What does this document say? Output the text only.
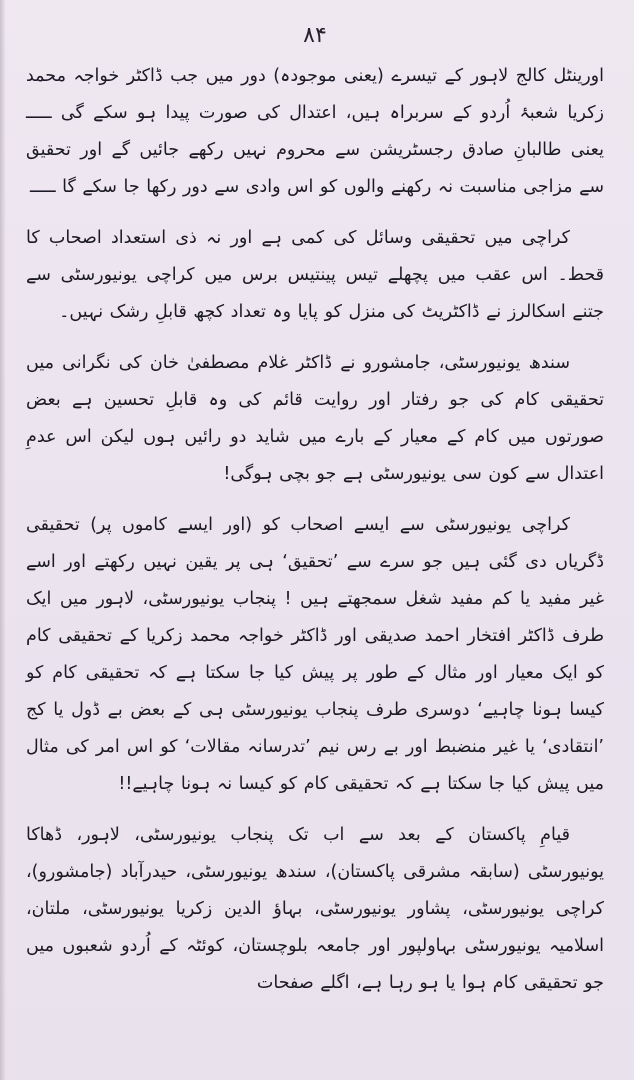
۸۴

اورینٹل کالج لاہور کے تیسرے (یعنی موجودہ) دور میں جب ڈاکٹر خواجہ محمد زکریا شعبۂ اُردو کے سربراہ ہیں، اعتدال کی صورت پیدا ہو سکے گی ـــــ یعنی طالبانِ صادق رجسٹریشن سے محروم نہیں رکھے جائیں گے اور تحقیق سے مزاجی مناسبت نہ رکھنے والوں کو اس وادی سے دور رکھا جا سکے گا ـــــ

کراچی میں تحقیقی وسائل کی کمی ہے اور نہ ذی استعداد اصحاب کا قحط۔ اس عقب میں پچھلے تیس پینتیس برس میں کراچی یونیورسٹی سے جتنے اسکالرز نے ڈاکٹریٹ کی منزل کو پایا وہ تعداد کچھ قابلِ رشک نہیں۔

سندھ یونیورسٹی، جامشورو نے ڈاکٹر غلام مصطفیٰ خان کی نگرانی میں تحقیقی کام کی جو رفتار اور روایت قائم کی وہ قابلِ تحسین ہے بعض صورتوں میں کام کے معیار کے بارے میں شاید دو رائیں ہوں لیکن اس عدمِ اعتدال سے کون سی یونیورسٹی ہے جو بچی ہوگی!

کراچی یونیورسٹی سے ایسے اصحاب کو (اور ایسے کاموں پر) تحقیقی ڈگریاں دی گئی ہیں جو سرے سے ’تحقیق‘ ہی پر یقین نہیں رکھتے اور اسے غیر مفید یا کم مفید شغل سمجھتے ہیں ! پنجاب یونیورسٹی، لاہور میں ایک طرف ڈاکٹر افتخار احمد صدیقی اور ڈاکٹر خواجہ محمد زکریا کے تحقیقی کام کو ایک معیار اور مثال کے طور پر پیش کیا جا سکتا ہے کہ تحقیقی کام کو کیسا ہونا چاہیے‘ دوسری طرف پنجاب یونیورسٹی ہی کے بعض بے ڈول یا کج ’انتقادی‘ یا غیر منضبط اور بے رس نیم ’تدرسانہ مقالات‘ کو اس امر کی مثال میں پیش کیا جا سکتا ہے کہ تحقیقی کام کو کیسا نہ ہونا چاہیے!!

قیامِ پاکستان کے بعد سے اب تک پنجاب یونیورسٹی، لاہور، ڈھاکا یونیورسٹی (سابقہ مشرقی پاکستان)، سندھ یونیورسٹی، حیدرآباد (جامشورو)، کراچی یونیورسٹی، پشاور یونیورسٹی، بہاؤ الدین زکریا یونیورسٹی، ملتان، اسلامیہ یونیورسٹی بہاولپور اور جامعہ بلوچستان، کوئٹہ کے اُردو شعبوں میں جو تحقیقی کام ہوا یا ہو رہا ہے، اگلے صفحات
